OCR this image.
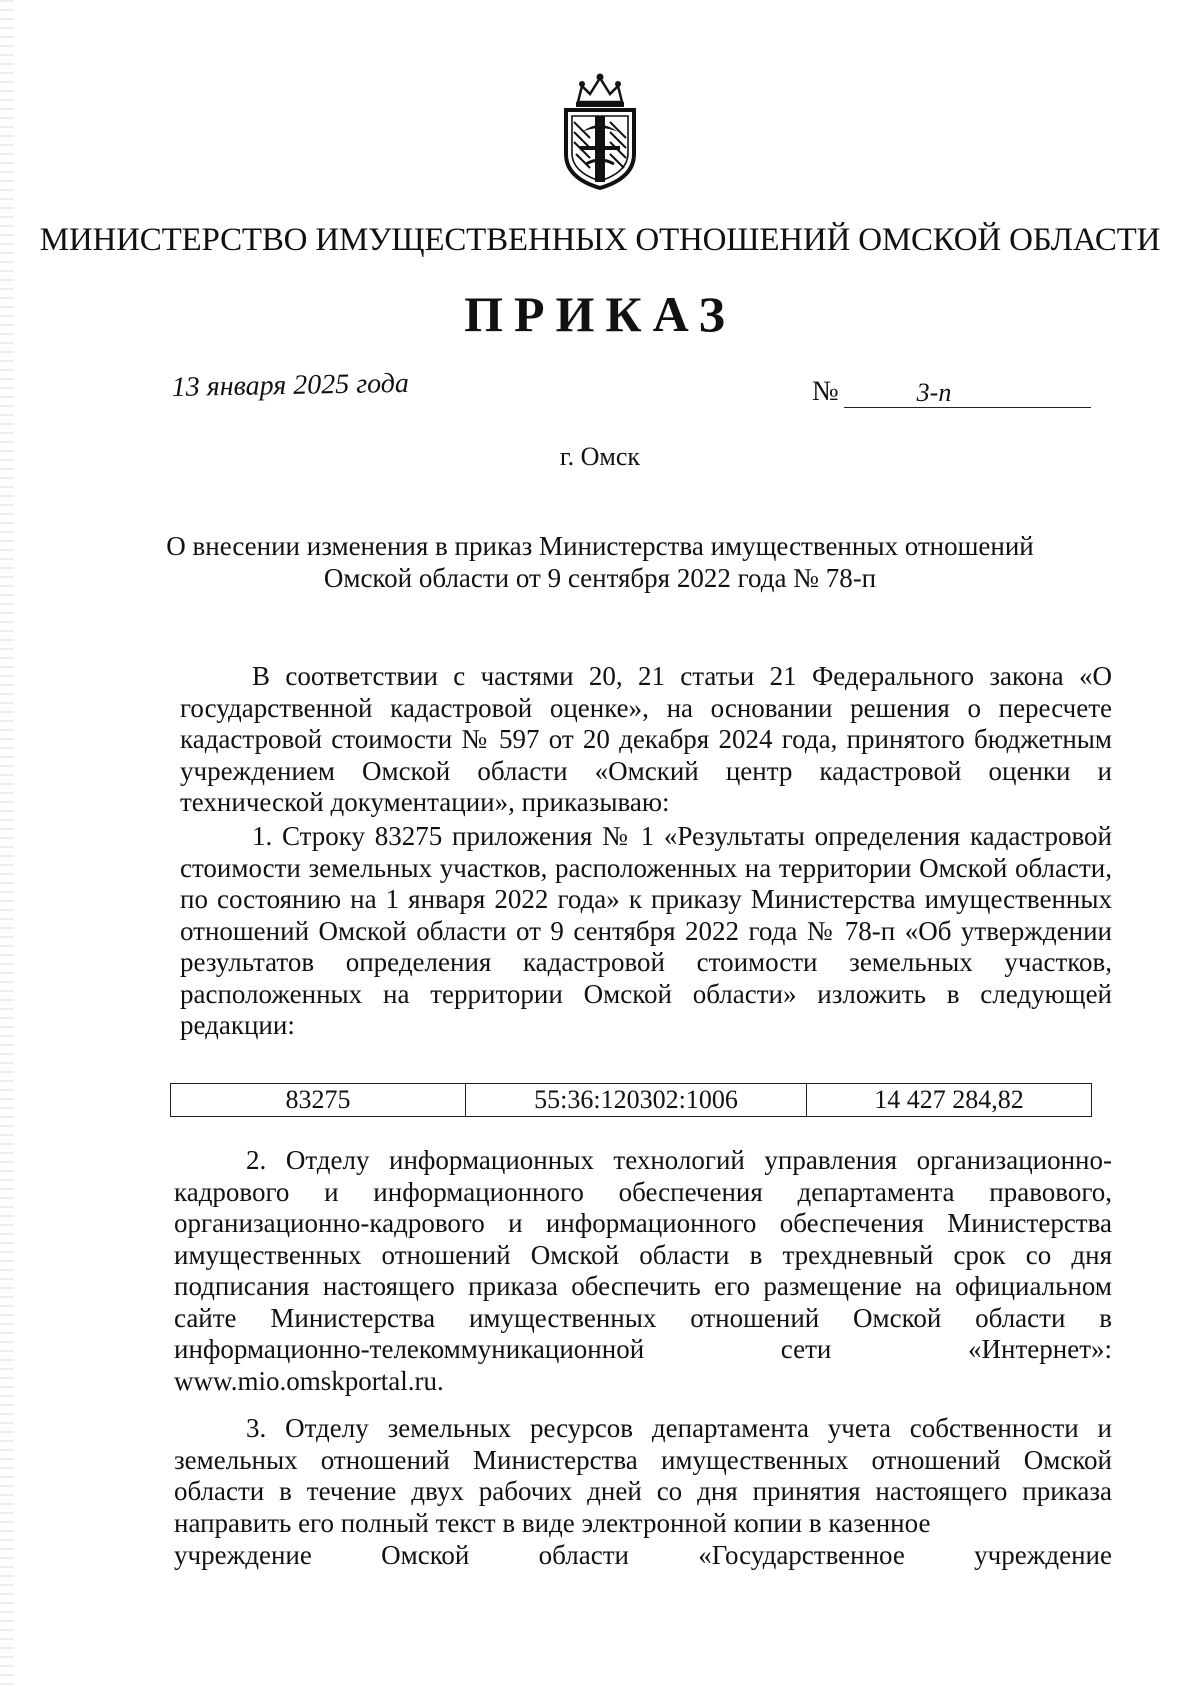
МИНИСТЕРСТВО ИМУЩЕСТВЕННЫХ ОТНОШЕНИЙ ОМСКОЙ ОБЛАСТИ
ПРИКАЗ
13 января 2025 года	№	3-п
г. Омск
О внесении изменения в приказ Министерства имущественных отношений
Омской области от 9 сентября 2022 года № 78-п
В соответствии с частями 20, 21 статьи 21 Федерального закона «О государственной кадастровой оценке», на основании решения о пересчете кадастровой стоимости № 597 от 20 декабря 2024 года, принятого бюджетным учреждением Омской области «Омский центр кадастровой оценки и технической документации», приказываю:
1. Строку 83275 приложения № 1 «Результаты определения кадастровой стоимости земельных участков, расположенных на территории Омской области, по состоянию на 1 января 2022 года» к приказу Министерства имущественных отношений Омской области от 9 сентября 2022 года № 78-п «Об утверждении результатов определения кадастровой стоимости земельных участков, расположенных на территории Омской области» изложить в следующей редакции:
83275	55:36:120302:1006	14 427 284,82
2. Отделу информационных технологий управления организационно-кадрового и информационного обеспечения департамента правового, организационно-кадрового и информационного обеспечения Министерства имущественных отношений Омской области в трехдневный срок со дня подписания настоящего приказа обеспечить его размещение на официальном сайте Министерства имущественных отношений Омской области в информационно-телекоммуникационной сети «Интернет»: www.mio.omskportal.ru.
3. Отделу земельных ресурсов департамента учета собственности и земельных отношений Министерства имущественных отношений Омской области в течение двух рабочих дней со дня принятия настоящего приказа направить его полный текст в виде электронной копии в казенное
учреждение Омской области «Государственное учреждение
